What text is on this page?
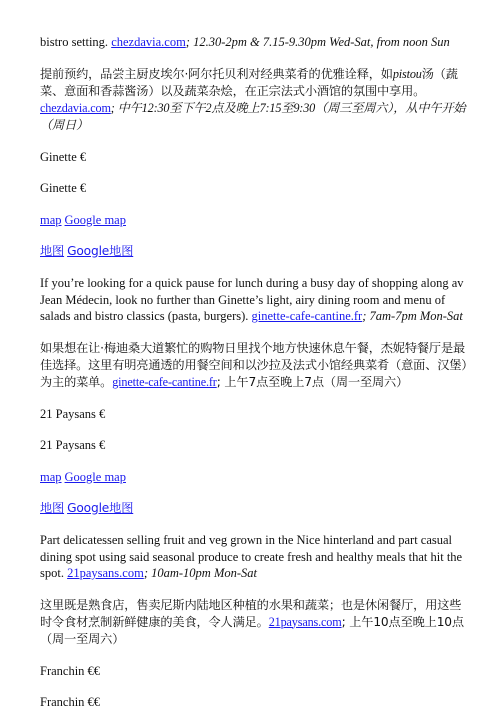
bistro setting. chezdavia.com; 12.30-2pm & 7.15-9.30pm Wed-Sat, from noon Sun

提前预约，品尝主厨皮埃尔·阿尔托贝利对经典菜肴的优雅诠释，如pistou汤（蔬菜、意面和香蒜酱汤）以及蔬菜杂烩，在正宗法式小酒馆的氛围中享用。chezdavia.com; 中午12:30至下午2点及晚上7:15至9:30（周三至周六），从中午开始（周日）

Ginette €

Ginette €

map Google map

地图 Google地图

If you’re looking for a quick pause for lunch during a busy day of shopping along av Jean Médecin, look no further than Ginette’s light, airy dining room and menu of salads and bistro classics (pasta, burgers). ginette-cafe-cantine.fr; 7am-7pm Mon-Sat

如果想在让·梅迪桑大道繁忙的购物日里找个地方快速休息午餐，杰妮特餐厅是最佳选择。这里有明亮通透的用餐空间和以沙拉及法式小馆经典菜肴（意面、汉堡）为主的菜单。ginette-cafe-cantine.fr; 上午7点至晚上7点（周一至周六）

21 Paysans €

21 Paysans €

map Google map

地图 Google地图

Part delicatessen selling fruit and veg grown in the Nice hinterland and part casual dining spot using said seasonal produce to create fresh and healthy meals that hit the spot. 21paysans.com; 10am-10pm Mon-Sat

这里既是熟食店，售卖尼斯内陆地区种植的水果和蔬菜；也是休闲餐厅，用这些时令食材烹制新鲜健康的美食，令人满足。21paysans.com; 上午10点至晚上10点（周一至周六）

Franchin €€

Franchin €€
